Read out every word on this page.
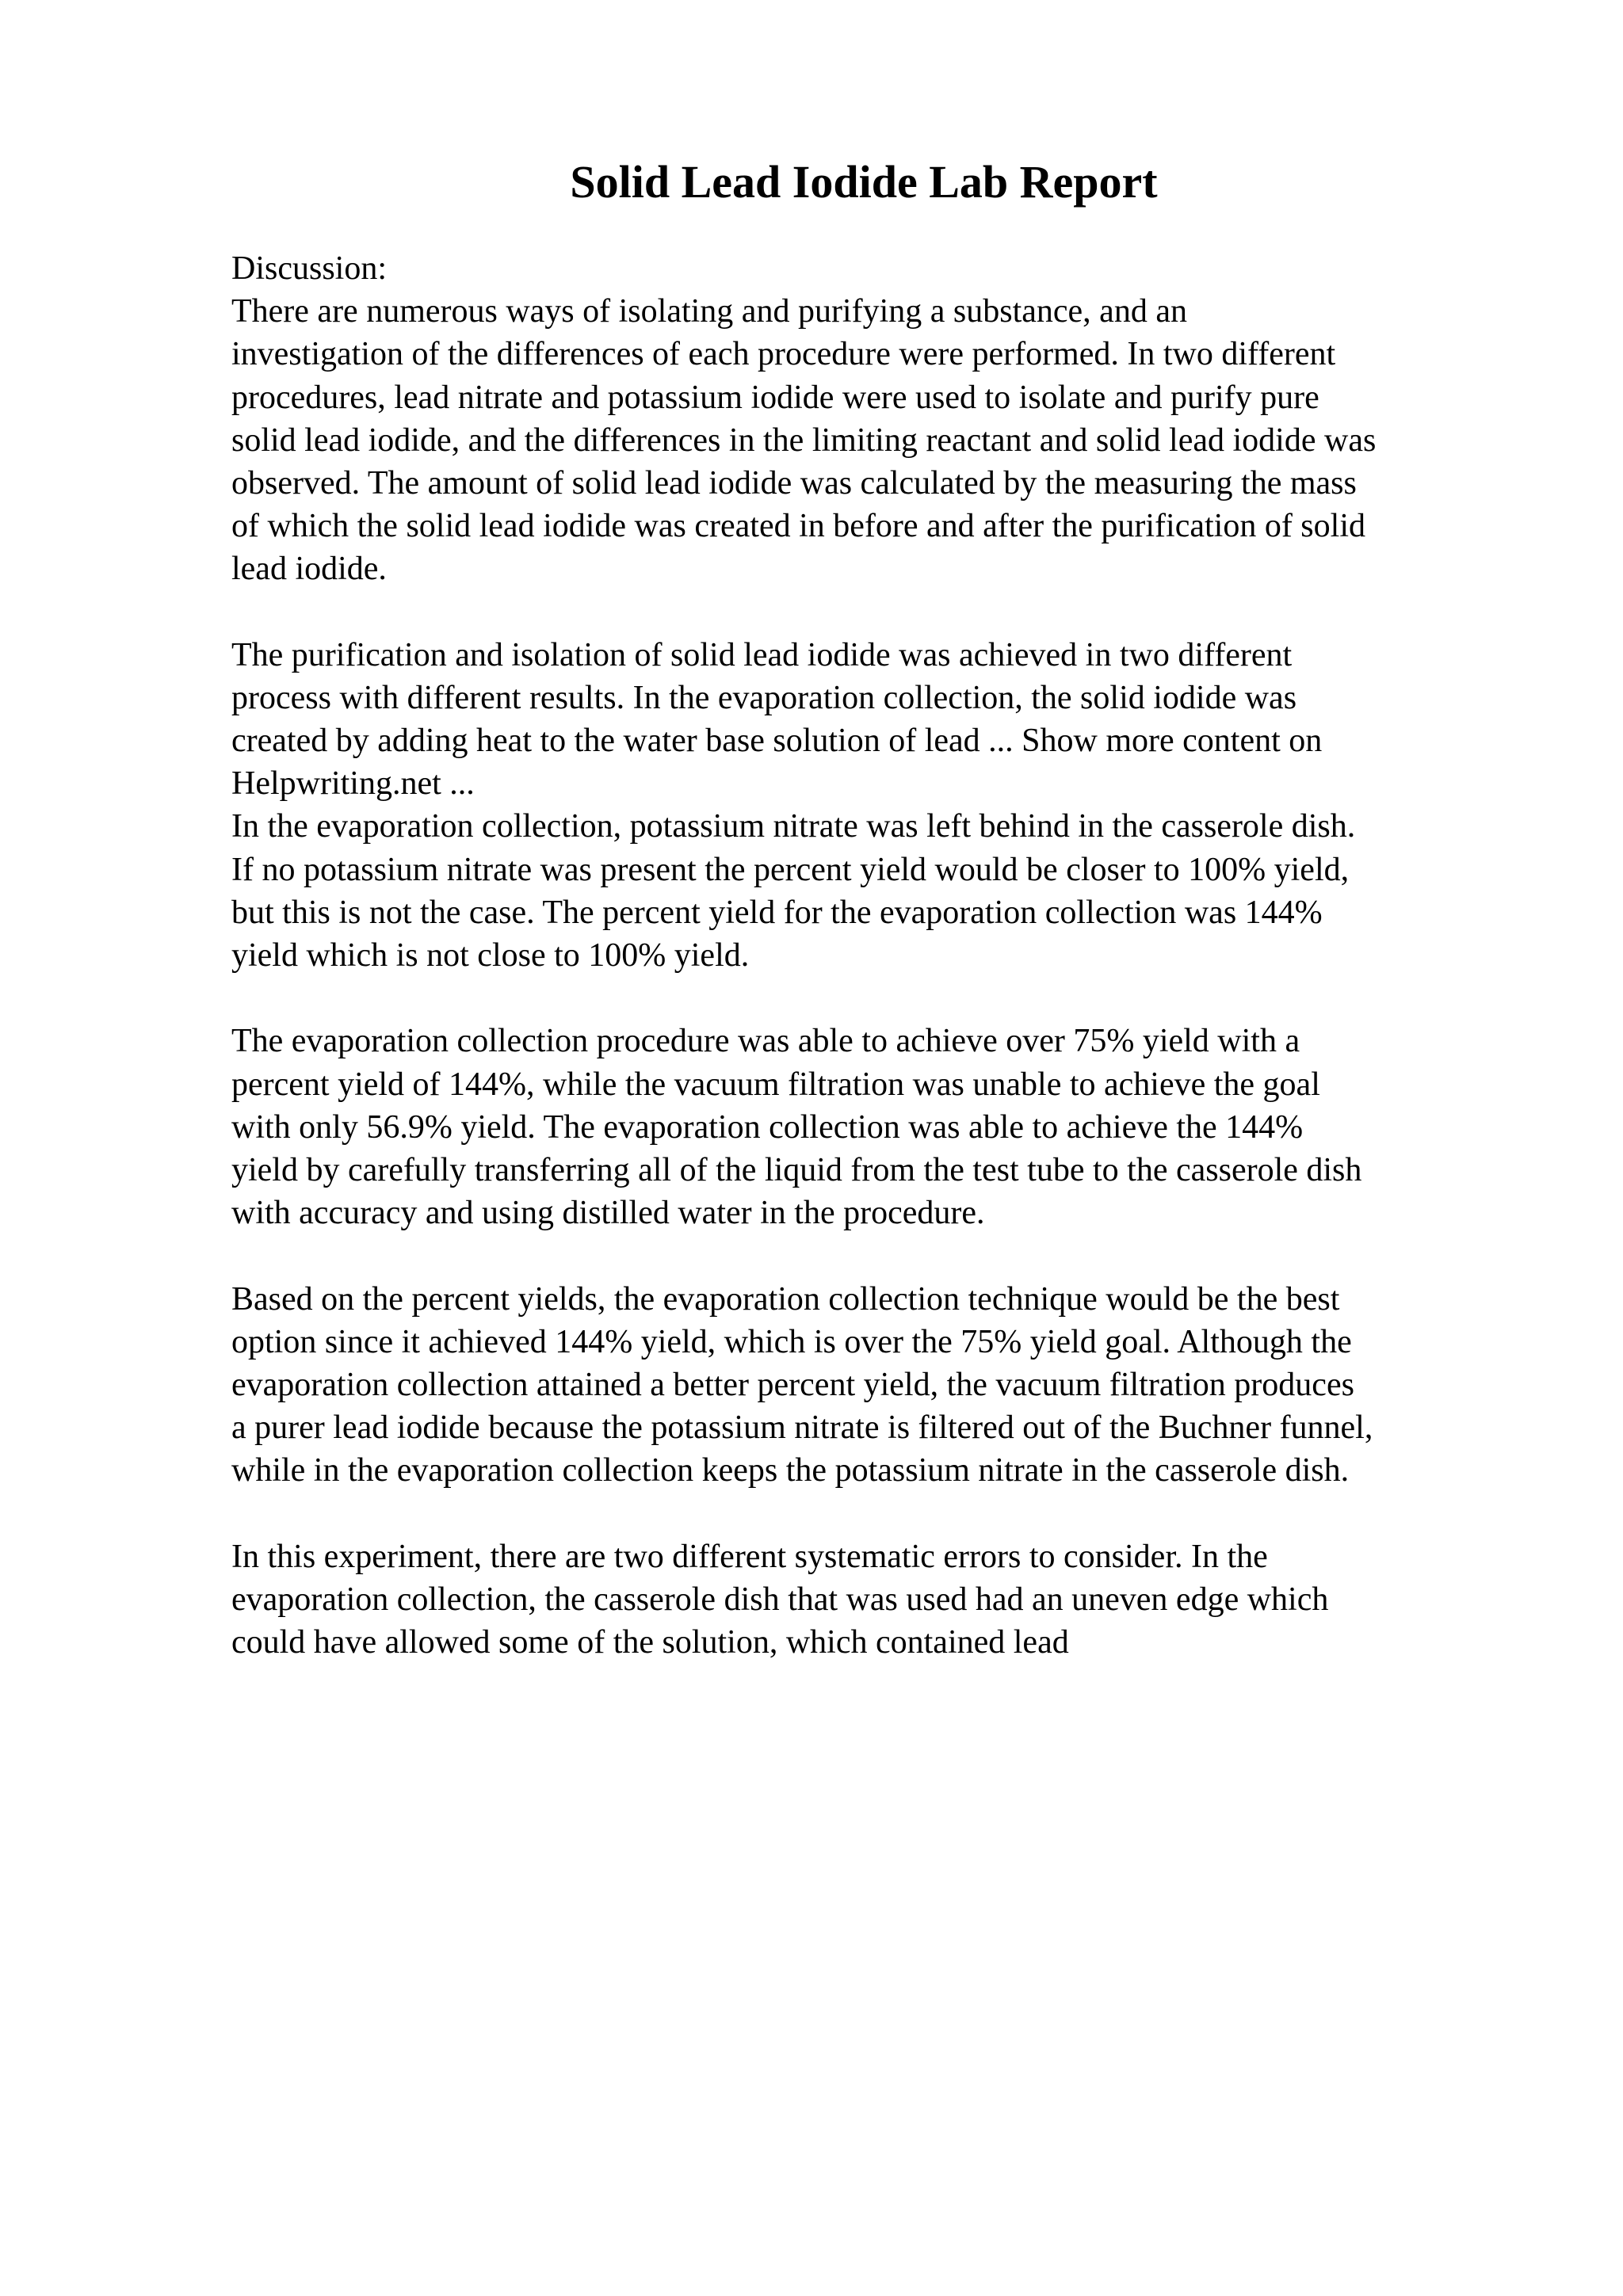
Solid Lead Iodide Lab Report
Discussion:
There are numerous ways of isolating and purifying a substance, and an
investigation of the differences of each procedure were performed. In two different
procedures, lead nitrate and potassium iodide were used to isolate and purify pure
solid lead iodide, and the differences in the limiting reactant and solid lead iodide was
observed. The amount of solid lead iodide was calculated by the measuring the mass
of which the solid lead iodide was created in before and after the purification of solid
lead iodide.
The purification and isolation of solid lead iodide was achieved in two different
process with different results. In the evaporation collection, the solid iodide was
created by adding heat to the water base solution of lead ... Show more content on
Helpwriting.net ...
In the evaporation collection, potassium nitrate was left behind in the casserole dish.
If no potassium nitrate was present the percent yield would be closer to 100% yield,
but this is not the case. The percent yield for the evaporation collection was 144%
yield which is not close to 100% yield.
The evaporation collection procedure was able to achieve over 75% yield with a
percent yield of 144%, while the vacuum filtration was unable to achieve the goal
with only 56.9% yield. The evaporation collection was able to achieve the 144%
yield by carefully transferring all of the liquid from the test tube to the casserole dish
with accuracy and using distilled water in the procedure.
Based on the percent yields, the evaporation collection technique would be the best
option since it achieved 144% yield, which is over the 75% yield goal. Although the
evaporation collection attained a better percent yield, the vacuum filtration produces
a purer lead iodide because the potassium nitrate is filtered out of the Buchner funnel,
while in the evaporation collection keeps the potassium nitrate in the casserole dish.
In this experiment, there are two different systematic errors to consider. In the
evaporation collection, the casserole dish that was used had an uneven edge which
could have allowed some of the solution, which contained lead
